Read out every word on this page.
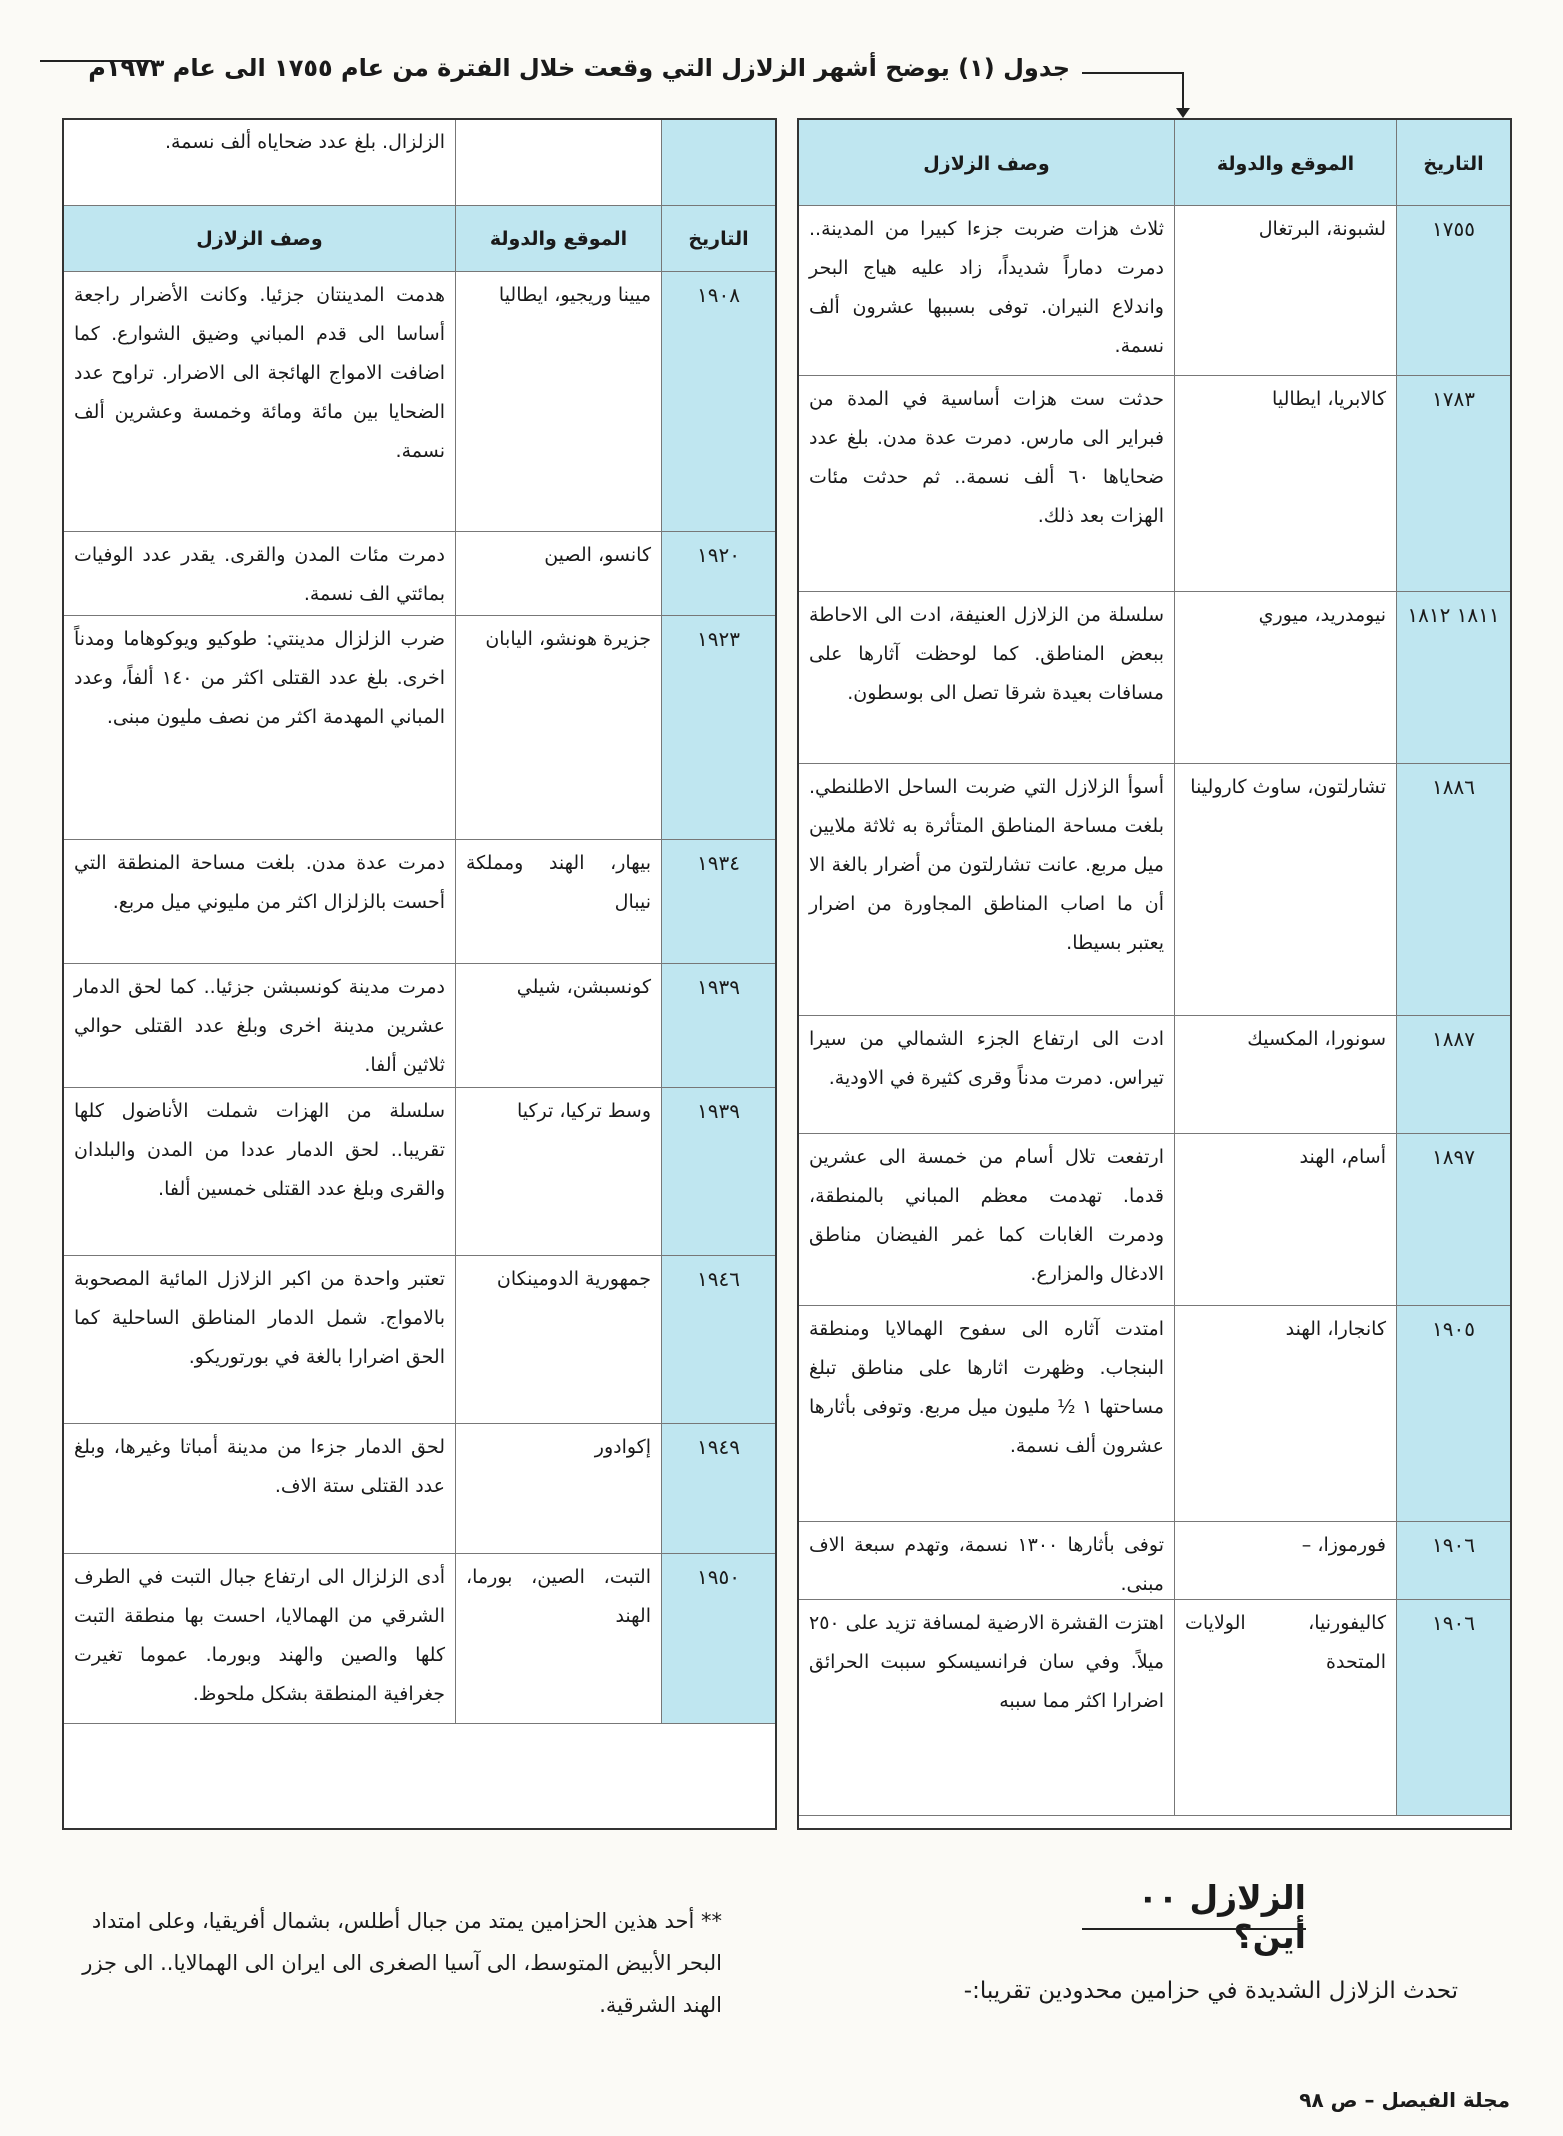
جدول (١) يوضح أشهر الزلازل التي وقعت خلال الفترة من عام ١٧٥٥ الى عام ١٩٧٣م
التاريخ
الموقع والدولة
وصف الزلازل
١٧٥٥
لشبونة، البرتغال
ثلاث هزات ضربت جزءا كبيرا من المدينة.. دمرت دماراً شديداً، زاد عليه هياج البحر واندلاع النيران. توفى بسببها عشرون ألف نسمة.
١٧٨٣
كالابريا، ايطاليا
حدثت ست هزات أساسية في المدة من فبراير الى مارس. دمرت عدة مدن. بلغ عدد ضحاياها ٦٠ ألف نسمة.. ثم حدثت مئات الهزات بعد ذلك.
١٨١١ ١٨١٢
نيومدريد، ميوري
سلسلة من الزلازل العنيفة، ادت الى الاحاطة ببعض المناطق. كما لوحظت آثارها على مسافات بعيدة شرقا تصل الى بوسطون.
١٨٨٦
تشارلتون، ساوث كارولينا
أسوأ الزلازل التي ضربت الساحل الاطلنطي. بلغت مساحة المناطق المتأثرة به ثلاثة ملايين ميل مربع. عانت تشارلتون من أضرار بالغة الا أن ما اصاب المناطق المجاورة من اضرار يعتبر بسيطا.
١٨٨٧
سونورا، المكسيك
ادت الى ارتفاع الجزء الشمالي من سيرا تيراس. دمرت مدناً وقرى كثيرة في الاودية.
١٨٩٧
أسام، الهند
ارتفعت تلال أسام من خمسة الى عشرين قدما. تهدمت معظم المباني بالمنطقة، ودمرت الغابات كما غمر الفيضان مناطق الادغال والمزارع.
١٩٠٥
كانجارا، الهند
امتدت آثاره الى سفوح الهمالايا ومنطقة البنجاب. وظهرت اثارها على مناطق تبلغ مساحتها ١ ½ مليون ميل مربع. وتوفى بأثارها عشرون ألف نسمة.
١٩٠٦
فورموزا، –
توفى بأثارها ١٣٠٠ نسمة، وتهدم سبعة الاف مبنى.
١٩٠٦
كاليفورنيا، الولايات المتحدة
اهتزت القشرة الارضية لمسافة تزيد على ٢٥٠ ميلاً. وفي سان فرانسيسكو سببت الحرائق اضرارا اكثر مما سببه
الزلزال. بلغ عدد ضحاياه ألف نسمة.
التاريخ
الموقع والدولة
وصف الزلازل
١٩٠٨
ميينا وريجيو، ايطاليا
هدمت المدينتان جزئيا. وكانت الأضرار راجعة أساسا الى قدم المباني وضيق الشوارع. كما اضافت الامواج الهائجة الى الاضرار. تراوح عدد الضحايا بين مائة ومائة وخمسة وعشرين ألف نسمة.
١٩٢٠
كانسو، الصين
دمرت مئات المدن والقرى. يقدر عدد الوفيات بمائتي الف نسمة.
١٩٢٣
جزيرة هونشو، اليابان
ضرب الزلزال مدينتي: طوكيو ويوكوهاما ومدناً اخرى. بلغ عدد القتلى اكثر من ١٤٠ ألفاً، وعدد المباني المهدمة اكثر من نصف مليون مبنى.
١٩٣٤
بيهار، الهند ومملكة نيبال
دمرت عدة مدن. بلغت مساحة المنطقة التي أحست بالزلزال اكثر من مليوني ميل مربع.
١٩٣٩
كونسبشن، شيلي
دمرت مدينة كونسبشن جزئيا.. كما لحق الدمار عشرين مدينة اخرى وبلغ عدد القتلى حوالي ثلاثين ألفا.
١٩٣٩
وسط تركيا، تركيا
سلسلة من الهزات شملت الأناضول كلها تقريبا.. لحق الدمار عددا من المدن والبلدان والقرى وبلغ عدد القتلى خمسين ألفا.
١٩٤٦
جمهورية الدومينكان
تعتبر واحدة من اكبر الزلازل المائية المصحوبة بالامواج. شمل الدمار المناطق الساحلية كما الحق اضرارا بالغة في بورتوريكو.
١٩٤٩
إكوادور
لحق الدمار جزءا من مدينة أمباتا وغيرها، وبلغ عدد القتلى ستة الاف.
١٩٥٠
التبت، الصين، بورما، الهند
أدى الزلزال الى ارتفاع جبال التبت في الطرف الشرقي من الهمالايا، احست بها منطقة التبت كلها والصين والهند وبورما. عموما تغيرت جغرافية المنطقة بشكل ملحوظ.
الزلازل ٠٠ أين؟
تحدث الزلازل الشديدة في حزامين محدودين تقريبا:-
** أحد هذين الحزامين يمتد من جبال أطلس، بشمال أفريقيا، وعلى امتداد البحر الأبيض المتوسط، الى آسيا الصغرى الى ايران الى الهمالايا.. الى جزر الهند الشرقية.
مجلة الفيصل – ص ٩٨
